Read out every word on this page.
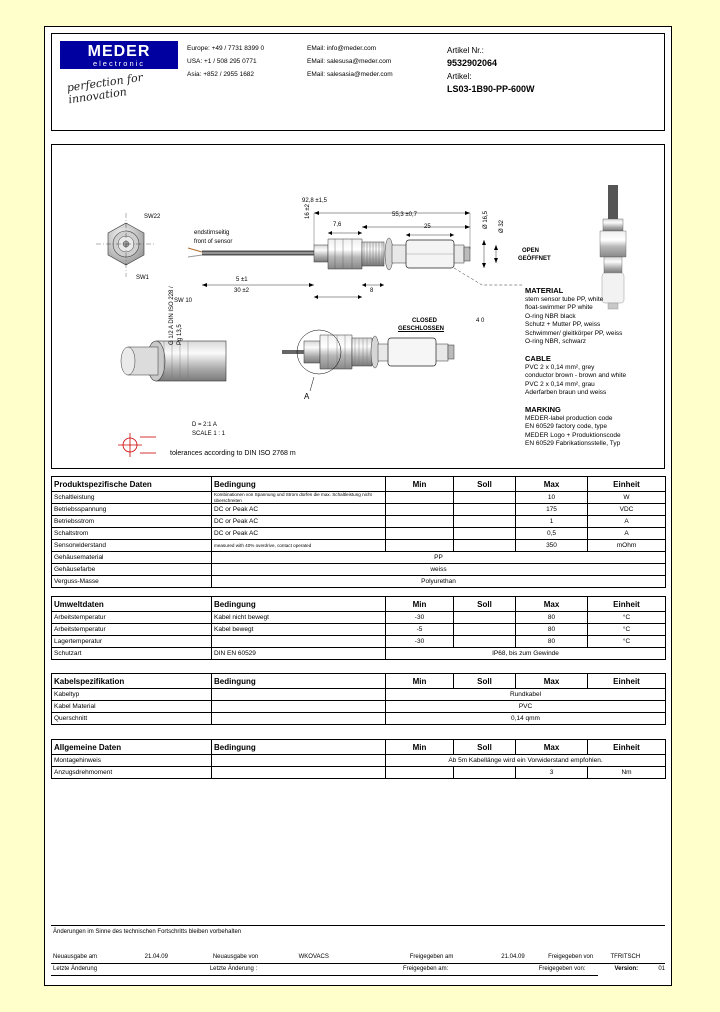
MEDER
electronic
perfection for innovation
Europe: +49 / 7731 8399 0	EMail: info@meder.com
USA: +1 / 508 295 0771	EMail: salesusa@meder.com
Asia: +852 / 2955 1682	EMail: salesasia@meder.com
Artikel Nr.:
9532902064
Artikel:
LS03-1B90-PP-600W
92,8 ±1,5
55,3 ±0,7
25
7,6
SW22
SW1	5 ±1
30 ±2
SW 10
8
16 ±2	Ø 16,5 Ø 32
endstirnseitig
front of sensor
OPEN
GEÖFFNET
CLOSED
GESCHLOSSEN
4 0
D = 2:1 A
SCALE 1 : 1
A
G 1/2 A DIN ISO 228 / Pg 13,5
tolerances according to DIN ISO 2768 m
MATERIAL
stem sensor tube PP, white
float-swimmer PP white
O-ring NBR black
Schutz + Mutter PP, weiss
Schwimmer/ gleitkörper PP, weiss
O-ring NBR, schwarz
CABLE
PVC 2 x 0,14 mm², grey
conductor brown - brown and white
PVC 2 x 0,14 mm², grau
Aderfarben braun und weiss
MARKING
MEDER-label production code
EN 60529 factory code, type
MEDER Logo + Produktionscode
EN 60529 Fabrikationsstelle, Typ
Produktspezifische Daten	Bedingung	Min	Soll	Max	Einheit
Schaltleistung	Kombinationen von Spannung und Strom dürfen die max. Schaltleistung nicht überschreiten			10	W
Betriebsspannung	DC or Peak AC			175	VDC
Betriebsstrom	DC or Peak AC			1	A
Schaltstrom	DC or Peak AC			0,5	A
Sensorwiderstand	measured with 40% overdrive, contact operated			350	mOhm
Gehäusematerial	PP				
Gehäusefarbe	weiss				
Verguss-Masse	Polyurethan				
Umweltdaten	Bedingung	Min	Soll	Max	Einheit
Arbeitstemperatur	Kabel nicht bewegt	-30		80	°C
Arbeitstemperatur	Kabel bewegt	-5		80	°C
Lagertemperatur		-30		80	°C
Schutzart	DIN EN 60529	IP68, bis zum Gewinde			
Kabelspezifikation	Bedingung	Min	Soll	Max	Einheit
Kabeltyp		Rundkabel			
Kabel Material		PVC			
Querschnitt		0,14 qmm			
Allgemeine Daten	Bedingung	Min	Soll	Max	Einheit
Montagehinweis		Ab 5m Kabellänge wird ein Vorwiderstand empfohlen.			
Anzugsdrehmoment				3	Nm
Änderungen im Sinne des technischen Fortschritts bleiben vorbehalten
Neuausgabe am	21.04.09	Neuausgabe von	WKOVACS	Freigegeben am	21.04.09	Freigegeben von	TFRITSCH
Letzte Änderung	Letzte Änderung :	Freigegeben am:
	Freigegeben von:	Version:	01
